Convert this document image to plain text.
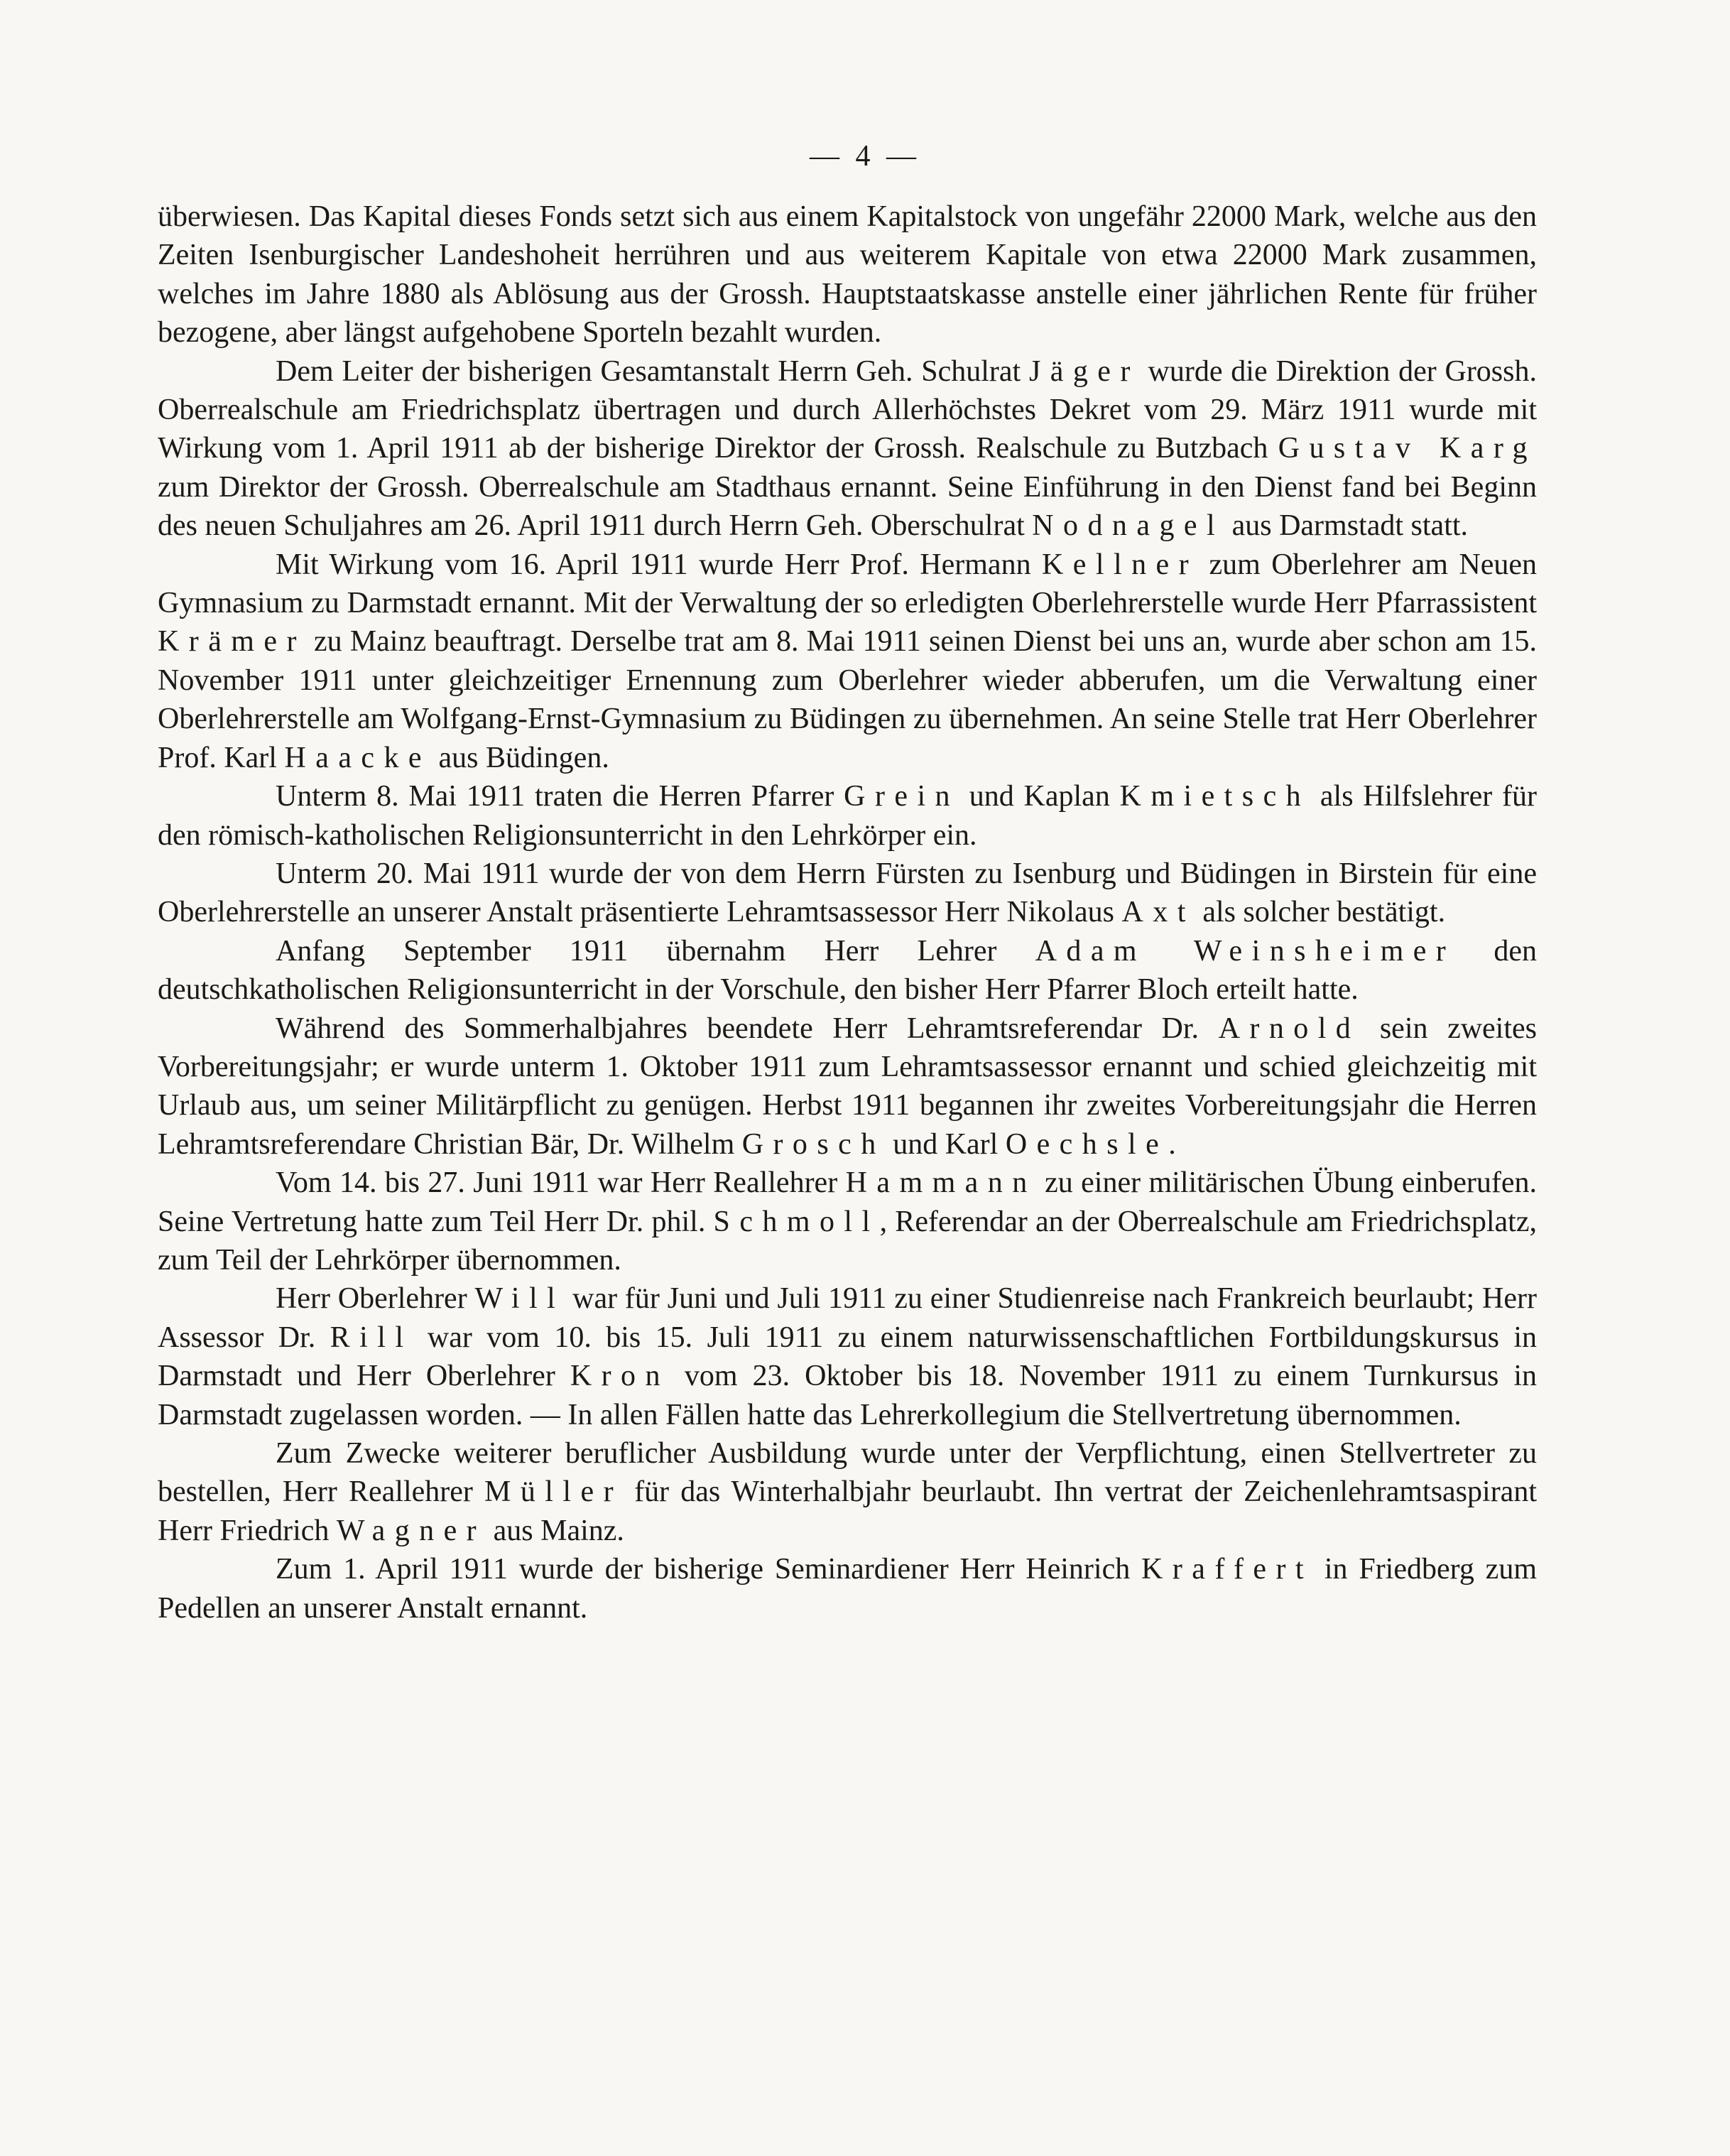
— 4 —

überwiesen. Das Kapital dieses Fonds setzt sich aus einem Kapitalstock von ungefähr 22000 Mark, welche aus den Zeiten Isenburgischer Landeshoheit herrühren und aus weiterem Kapitale von etwa 22000 Mark zusammen, welches im Jahre 1880 als Ablösung aus der Grossh. Hauptstaatskasse anstelle einer jährlichen Rente für früher bezogene, aber längst aufgehobene Sporteln bezahlt wurden.

Dem Leiter der bisherigen Gesamtanstalt Herrn Geh. Schulrat Jäger wurde die Direktion der Grossh. Oberrealschule am Friedrichsplatz übertragen und durch Allerhöchstes Dekret vom 29. März 1911 wurde mit Wirkung vom 1. April 1911 ab der bisherige Direktor der Grossh. Realschule zu Butzbach Gustav Karg zum Direktor der Grossh. Oberrealschule am Stadthaus ernannt. Seine Einführung in den Dienst fand bei Beginn des neuen Schuljahres am 26. April 1911 durch Herrn Geh. Oberschulrat Nodnagel aus Darmstadt statt.

Mit Wirkung vom 16. April 1911 wurde Herr Prof. Hermann Kellner zum Oberlehrer am Neuen Gymnasium zu Darmstadt ernannt. Mit der Verwaltung der so erledigten Oberlehrerstelle wurde Herr Pfarrassistent Krämer zu Mainz beauftragt. Derselbe trat am 8. Mai 1911 seinen Dienst bei uns an, wurde aber schon am 15. November 1911 unter gleichzeitiger Ernennung zum Oberlehrer wieder abberufen, um die Verwaltung einer Oberlehrerstelle am Wolfgang-Ernst-Gymnasium zu Büdingen zu übernehmen. An seine Stelle trat Herr Oberlehrer Prof. Karl Haacke aus Büdingen.

Unterm 8. Mai 1911 traten die Herren Pfarrer Grein und Kaplan Kmietsch als Hilfslehrer für den römisch-katholischen Religionsunterricht in den Lehrkörper ein.

Unterm 20. Mai 1911 wurde der von dem Herrn Fürsten zu Isenburg und Büdingen in Birstein für eine Oberlehrerstelle an unserer Anstalt präsentierte Lehramtsassessor Herr Nikolaus Axt als solcher bestätigt.

Anfang September 1911 übernahm Herr Lehrer Adam Weinsheimer den deutschkatholischen Religionsunterricht in der Vorschule, den bisher Herr Pfarrer Bloch erteilt hatte.

Während des Sommerhalbjahres beendete Herr Lehramtsreferendar Dr. Arnold sein zweites Vorbereitungsjahr; er wurde unterm 1. Oktober 1911 zum Lehramtsassessor ernannt und schied gleichzeitig mit Urlaub aus, um seiner Militärpflicht zu genügen. Herbst 1911 begannen ihr zweites Vorbereitungsjahr die Herren Lehramtsreferendare Christian Bär, Dr. Wilhelm Grosch und Karl Oechsle.

Vom 14. bis 27. Juni 1911 war Herr Reallehrer Hammann zu einer militärischen Übung einberufen. Seine Vertretung hatte zum Teil Herr Dr. phil. Schmoll, Referendar an der Oberrealschule am Friedrichsplatz, zum Teil der Lehrkörper übernommen.

Herr Oberlehrer Will war für Juni und Juli 1911 zu einer Studienreise nach Frankreich beurlaubt; Herr Assessor Dr. Rill war vom 10. bis 15. Juli 1911 zu einem naturwissenschaftlichen Fortbildungskursus in Darmstadt und Herr Oberlehrer Kron vom 23. Oktober bis 18. November 1911 zu einem Turnkursus in Darmstadt zugelassen worden. — In allen Fällen hatte das Lehrerkollegium die Stellvertretung übernommen.

Zum Zwecke weiterer beruflicher Ausbildung wurde unter der Verpflichtung, einen Stellvertreter zu bestellen, Herr Reallehrer Müller für das Winterhalbjahr beurlaubt. Ihn vertrat der Zeichenlehramtsaspirant Herr Friedrich Wagner aus Mainz.

Zum 1. April 1911 wurde der bisherige Seminardiener Herr Heinrich Kraffert in Friedberg zum Pedellen an unserer Anstalt ernannt.
